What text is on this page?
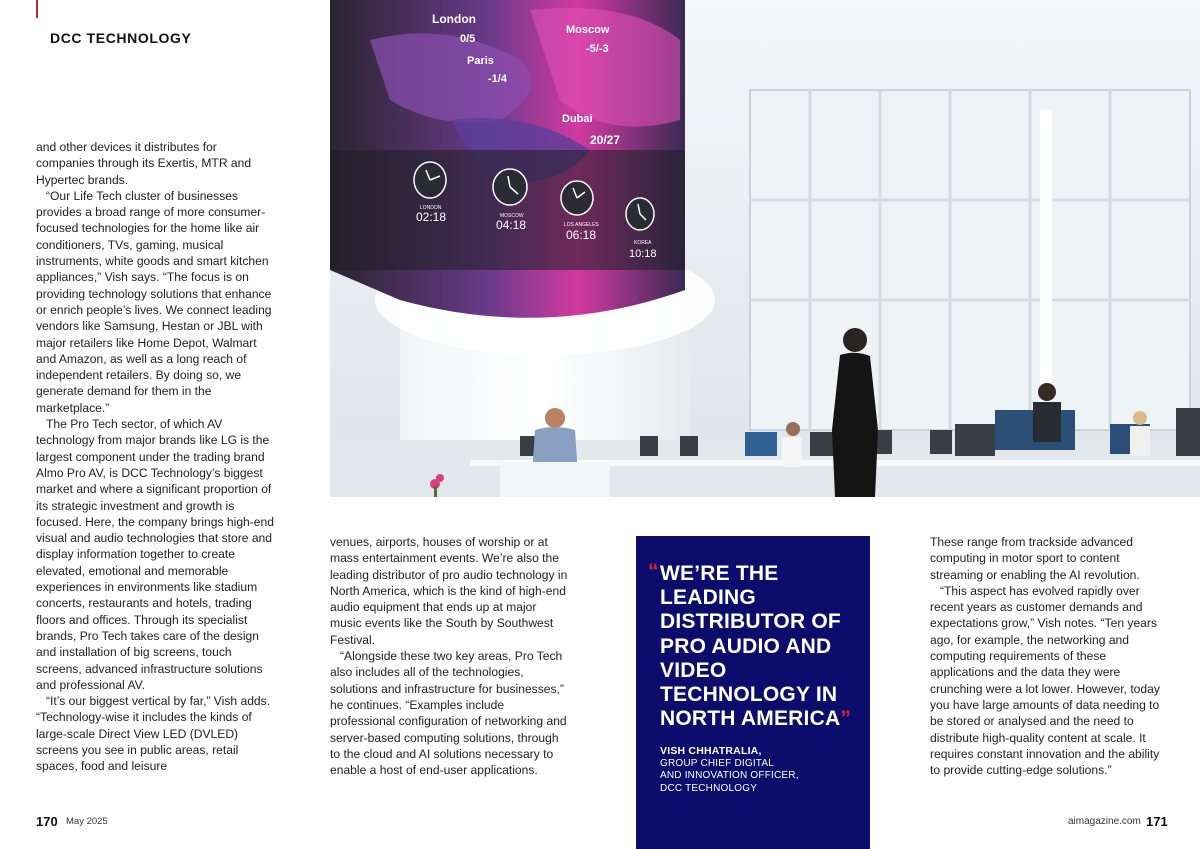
DCC TECHNOLOGY

and other devices it distributes for companies through its Exertis, MTR and Hypertec brands.

“Our Life Tech cluster of businesses provides a broad range of more consumer-focused technologies for the home like air conditioners, TVs, gaming, musical instruments, white goods and smart kitchen appliances,” Vish says. “The focus is on providing technology solutions that enhance or enrich people’s lives. We connect leading vendors like Samsung, Hestan or JBL with major retailers like Home Depot, Walmart and Amazon, as well as a long reach of independent retailers. By doing so, we generate demand for them in the marketplace.”

The Pro Tech sector, of which AV technology from major brands like LG is the largest component under the trading brand Almo Pro AV, is DCC Technology’s biggest market and where a significant proportion of its strategic investment and growth is focused. Here, the company brings high-end visual and audio technologies that store and display information together to create elevated, emotional and memorable experiences in environments like stadium concerts, restaurants and hotels, trading floors and offices. Through its specialist brands, Pro Tech takes care of the design and installation of big screens, touch screens, advanced infrastructure solutions and professional AV.

“It’s our biggest vertical by far,” Vish adds. “Technology-wise it includes the kinds of large-scale Direct View LED (DVLED) screens you see in public areas, retail spaces, food and leisure

London
0/5
Moscow
-5/-3
Paris
-1/4
Dubai
20/27
LONDON
02:18	MOSCOW
04:18	LOS ANGELES
06:18
KOREA
10:18

venues, airports, houses of worship or at mass entertainment events. We’re also the leading distributor of pro audio technology in North America, which is the kind of high-end audio equipment that ends up at major music events like the South by Southwest Festival.

“Alongside these two key areas, Pro Tech also includes all of the technologies, solutions and infrastructure for businesses,” he continues. “Examples include professional configuration of networking and server-based computing solutions, through to the cloud and AI solutions necessary to enable a host of end-user applications.

“ WE’RE THE LEADING DISTRIBUTOR OF PRO AUDIO AND VIDEO TECHNOLOGY IN NORTH AMERICA”
VISH CHHATRALIA,
GROUP CHIEF DIGITAL
AND INNOVATION OFFICER,
DCC TECHNOLOGY

These range from trackside advanced computing in motor sport to content streaming or enabling the AI revolution.

“This aspect has evolved rapidly over recent years as customer demands and expectations grow,” Vish notes. “Ten years ago, for example, the networking and computing requirements of these applications and the data they were crunching were a lot lower. However, today you have large amounts of data needing to be stored or analysed and the need to distribute high-quality content at scale. It requires constant innovation and the ability to provide cutting-edge solutions.”

170 May 2025	aimagazine.com 171
